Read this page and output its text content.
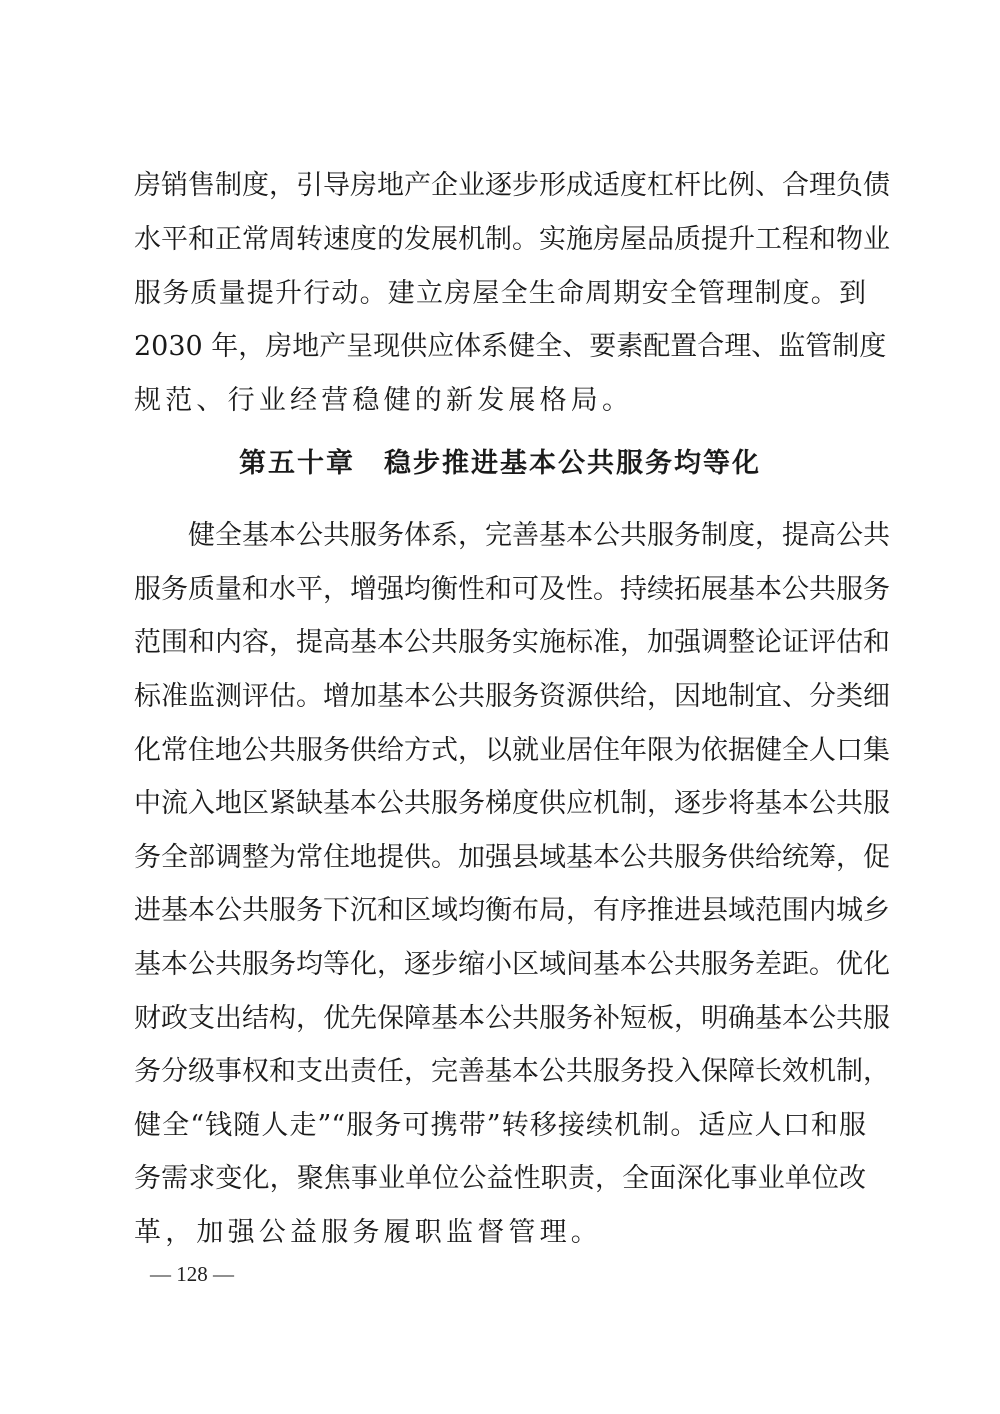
房销售制度，引导房地产企业逐步形成适度杠杆比例、合理负债
水平和正常周转速度的发展机制。实施房屋品质提升工程和物业
服务质量提升行动。建立房屋全生命周期安全管理制度。到
2030 年，房地产呈现供应体系健全、要素配置合理、监管制度
规范、行业经营稳健的新发展格局。
第五十章　稳步推进基本公共服务均等化
　　健全基本公共服务体系，完善基本公共服务制度，提高公共
服务质量和水平，增强均衡性和可及性。持续拓展基本公共服务
范围和内容，提高基本公共服务实施标准，加强调整论证评估和
标准监测评估。增加基本公共服务资源供给，因地制宜、分类细
化常住地公共服务供给方式，以就业居住年限为依据健全人口集
中流入地区紧缺基本公共服务梯度供应机制，逐步将基本公共服
务全部调整为常住地提供。加强县域基本公共服务供给统筹，促
进基本公共服务下沉和区域均衡布局，有序推进县域范围内城乡
基本公共服务均等化，逐步缩小区域间基本公共服务差距。优化
财政支出结构，优先保障基本公共服务补短板，明确基本公共服
务分级事权和支出责任，完善基本公共服务投入保障长效机制，
健全“钱随人走”“服务可携带”转移接续机制。适应人口和服
务需求变化，聚焦事业单位公益性职责，全面深化事业单位改
革，加强公益服务履职监督管理。
— 128 —
